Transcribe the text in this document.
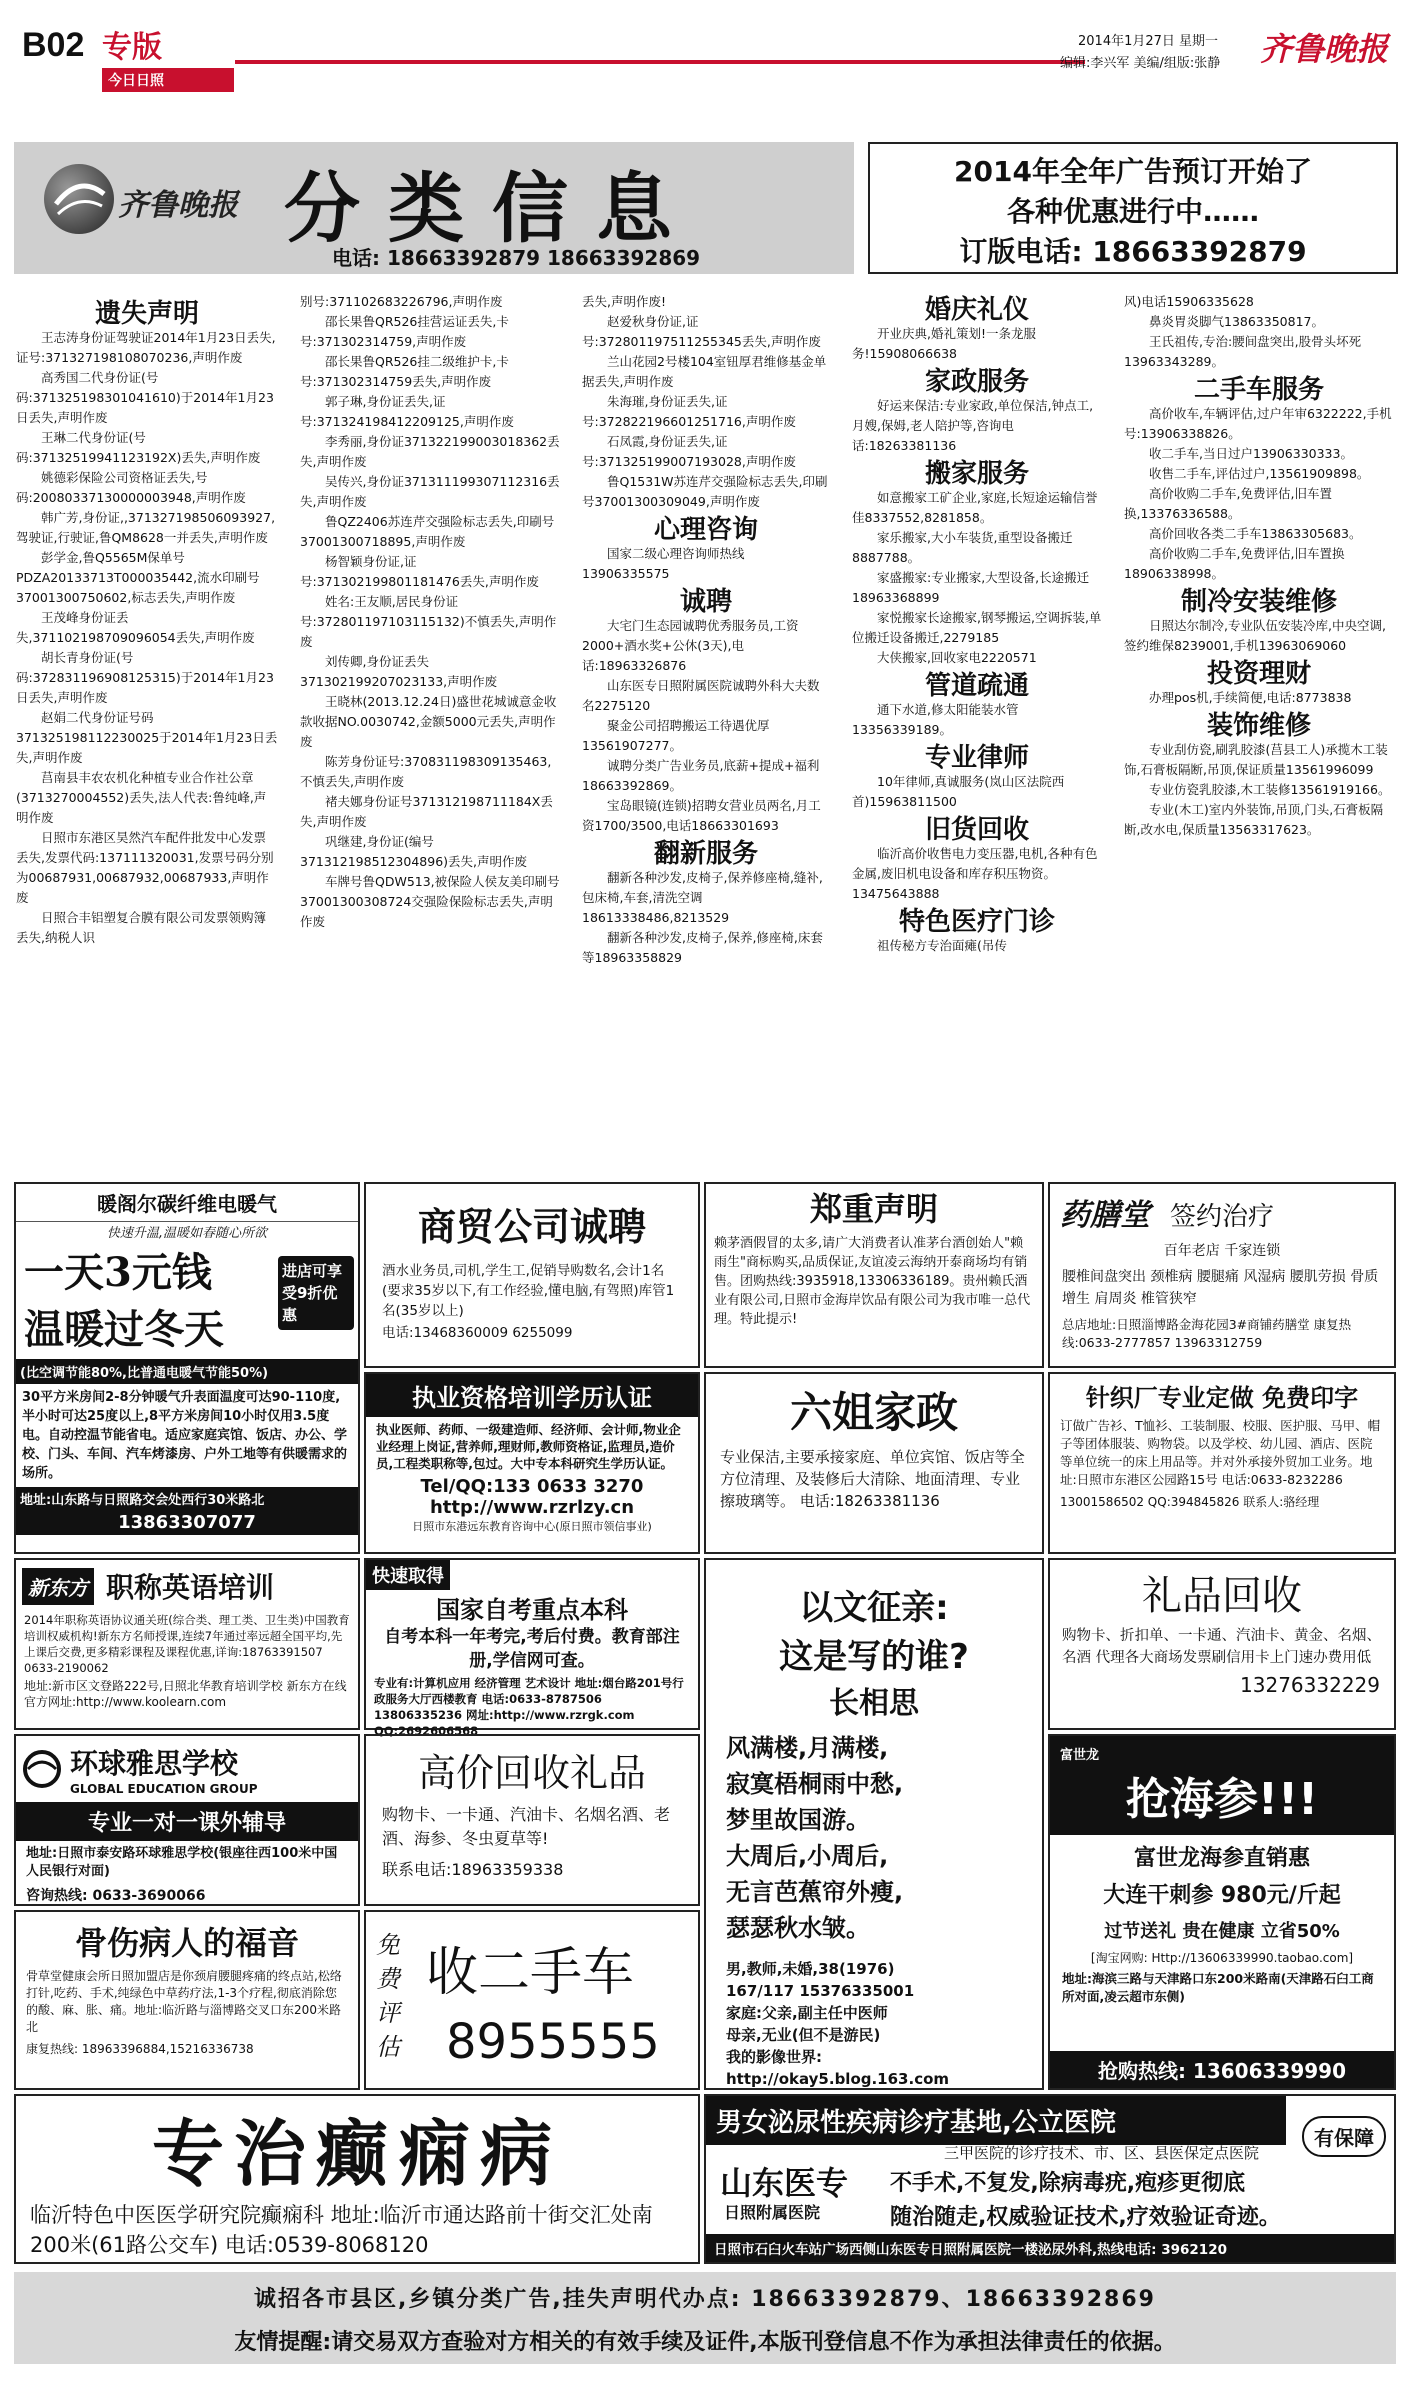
B02 专版
今日日照
2014年1月27日 星期一
编辑:李兴军 美编/组版:张静 齐鲁晚报
齐鲁晚报 分类信息
电话: 18663392879 18663392869
2014年全年广告预订开始了
各种优惠进行中……
订版电话: 18663392879
遗失声明

王志涛身份证驾驶证2014年1月23日丢失,证号:371327198108070236,声明作废

高秀国二代身份证(号码:371325198301041610)于2014年1月23日丢失,声明作废

王琳二代身份证(号码:37132519941123192X)丢失,声明作废

姚德彩保险公司资格证丢失,号码:20080337130000003948,声明作废

韩广芳,身份证,,371327198506093927,驾驶证,行驶证,鲁QM8628一并丢失,声明作废

彭学金,鲁Q5565M保单号PDZA20133713T000035442,流水印刷号37001300750602,标志丢失,声明作废

王茂峰身份证丢失,371102198709096054丢失,声明作废

胡长青身份证(号码:372831196908125315)于2014年1月23日丢失,声明作废

赵娟二代身份证号码371325198112230025于2014年1月23日丢失,声明作废

莒南县丰农农机化种植专业合作社公章(3713270004552)丢失,法人代表:鲁纯峰,声明作废

日照市东港区昊然汽车配件批发中心发票丢失,发票代码:137111320031,发票号码分别为00687931,00687932,00687933,声明作废

日照合丰铝塑复合膜有限公司发票领购簿丢失,纳税人识

别号:371102683226796,声明作废

邵长果鲁QR526挂营运证丢失,卡号:371302314759,声明作废

邵长果鲁QR526挂二级维护卡,卡号:371302314759丢失,声明作废

郭子琳,身份证丢失,证号:371324198412209125,声明作废

李秀丽,身份证371322199003018362丢失,声明作废

吴传兴,身份证371311199307112316丢失,声明作废

鲁QZ2406苏连芹交强险标志丢失,印刷号37001300718895,声明作废

杨智颖身份证,证号:371302199801181476丢失,声明作废

姓名:王友顺,居民身份证号:372801197103115132)不慎丢失,声明作废

刘传卿,身份证丢失371302199207023133,声明作废

王晓林(2013.12.24日)盛世花城诚意金收款收据NO.0030742,金额5000元丢失,声明作废

陈芳身份证号:370831198309135463,不慎丢失,声明作废

褚夫娜身份证号371312198711184X丢失,声明作废

巩继建,身份证(编号371312198512304896)丢失,声明作废

车牌号鲁QDW513,被保险人侯友美印刷号37001300308724交强险保险标志丢失,声明作废

丢失,声明作废!

赵爱秋身份证,证号:372801197511255345丢失,声明作废

兰山花园2号楼104室钮厚君维修基金单据丢失,声明作废

朱海璀,身份证丢失,证号:372822196601251716,声明作废

石凤霞,身份证丢失,证号:371325199007193028,声明作废

鲁Q1531W苏连芹交强险标志丢失,印刷号37001300309049,声明作废

心理咨询

国家二级心理咨询师热线13906335575

诚聘

大宅门生态园诚聘优秀服务员,工资2000+酒水奖+公休(3天),电话:18963326876

山东医专日照附属医院诚聘外科大夫数名2275120

聚金公司招聘搬运工待遇优厚13561907277。

诚聘分类广告业务员,底薪+提成+福利18663392869。

宝岛眼镜(连锁)招聘女营业员两名,月工资1700/3500,电话18663301693

翻新服务

翻新各种沙发,皮椅子,保养修座椅,缝补,包床椅,车套,清洗空调18613338486,8213529

翻新各种沙发,皮椅子,保养,修座椅,床套等18963358829

婚庆礼仪

开业庆典,婚礼策划!一条龙服务!15908066638

家政服务

好运来保洁:专业家政,单位保洁,钟点工,月嫂,保姆,老人陪护等,咨询电话:18263381136

搬家服务

如意搬家工矿企业,家庭,长短途运输信誉佳8337552,8281858。

家乐搬家,大小车装货,重型设备搬迁8887788。

家盛搬家:专业搬家,大型设备,长途搬迁18963368899

家悦搬家长途搬家,钢琴搬运,空调拆装,单位搬迁设备搬迁,2279185

大侠搬家,回收家电2220571

管道疏通

通下水道,修太阳能装水管13356339189。

专业律师

10年律师,真诚服务(岚山区法院西首)15963811500

旧货回收

临沂高价收售电力变压器,电机,各种有色金属,废旧机电设备和库存积压物资。13475643888

特色医疗门诊

祖传秘方专治面瘫(吊传

风)电话15906335628

鼻炎胃炎脚气13863350817。

王氏祖传,专治:腰间盘突出,股骨头坏死13963343289。

二手车服务

高价收车,车辆评估,过户年审6322222,手机号:13906338826。

收二手车,当日过户13906330333。

收售二手车,评估过户,13561909898。

高价收购二手车,免费评估,旧车置换,13376336588。

高价回收各类二手车13863305683。

高价收购二手车,免费评估,旧车置换18906338998。

制冷安装维修

日照达尔制冷,专业队伍安装冷库,中央空调,签约维保8239001,手机13963069060

投资理财

办理pos机,手续简便,电话:8773838

装饰维修

专业刮仿瓷,刷乳胶漆(莒县工人)承揽木工装饰,石膏板隔断,吊顶,保证质量13561996099

专业仿瓷乳胶漆,木工装修13561919166。

专业(木工)室内外装饰,吊顶,门头,石膏板隔断,改水电,保质量13563317623。

暖阁尔碳纤维电暖气
快速升温,温暖如春随心所欲
一天3元钱
温暖过冬天
进店可享受9折优惠
(比空调节能80%,比普通电暖气节能50%)
30平方米房间2-8分钟暖气升表面温度可达90-110度,半小时可达25度以上,8平方米房间10小时仅用3.5度电。自动控温节能省电。适应家庭宾馆、饭店、办公、学校、门头、车间、汽车烤漆房、户外工地等有供暖需求的场所。
地址:山东路与日照路交会处西行30米路北
13863307077
商贸公司诚聘
酒水业务员,司机,学生工,促销导购数名,会计1名(要求35岁以下,有工作经验,懂电脑,有驾照)库管1名(35岁以上)
电话:13468360009 6255099
郑重声明
赖茅酒假冒的太多,请广大消费者认准茅台酒创始人"赖雨生"商标购买,品质保证,友谊凌云海纳开泰商场均有销售。团购热线:3935918,13306336189。贵州赖氏酒业有限公司,日照市金海岸饮品有限公司为我市唯一总代理。特此提示!
药膳堂 签约治疗
百年老店 千家连锁
腰椎间盘突出 颈椎病 腰腿痛 风湿病 腰肌劳损 骨质增生 肩周炎 椎管狭窄
总店地址:日照淄博路金海花园3#商铺药膳堂 康复热线:0633-2777857 13963312759
执业资格培训学历认证
执业医师、药师、一级建造师、经济师、会计师,物业企业经理上岗证,营养师,理财师,教师资格证,监理员,造价员,工程类职称等,包过。大中专本科研究生学历认证。
Tel/QQ:133 0633 3270
http://www.rzrlzy.cn
日照市东港远东教育咨询中心(原日照市领信事业)
六姐家政
专业保洁,主要承接家庭、单位宾馆、饭店等全方位清理、及装修后大清除、地面清理、专业擦玻璃等。 电话:18263381136
针织厂专业定做 免费印字
订做广告衫、T恤衫、工装制服、校服、医护服、马甲、帽子等团体服装、购物袋。以及学校、幼儿园、酒店、医院等单位统一的床上用品等。并对外承接外贸加工业务。地址:日照市东港区公园路15号 电话:0633-8232286
13001586502 QQ:394845826 联系人:骆经理
新东方 职称英语培训
2014年职称英语协议通关班(综合类、理工类、卫生类)中国教育培训权威机构!新东方名师授课,连续7年通过率远超全国平均,先上课后交费,更多精彩课程及课程优惠,详询:18763391507 0633-2190062
地址:新市区文登路222号,日照北华教育培训学校 新东方在线官方网址:http://www.koolearn.com
快速取得
国家自考重点本科
自考本科一年考完,考后付费。教育部注册,学信网可查。
专业有:计算机应用 经济管理 艺术设计 地址:烟台路201号行政服务大厅西楼教育 电话:0633-8787506 13806335236 网址:http://www.rzrgk.com QQ:2692606568
以文征亲:
这是写的谁?
长相思
风满楼,月满楼,
寂寞梧桐雨中愁,
梦里故国游。
大周后,小周后,
无言芭蕉帘外瘦,
瑟瑟秋水皱。
男,教师,未婚,38(1976)
167/117 15376335001
家庭:父亲,副主任中医师
母亲,无业(但不是游民)
我的影像世界:
http://okay5.blog.163.com
礼品回收
购物卡、折扣单、一卡通、汽油卡、黄金、名烟、名酒 代理各大商场发票刷信用卡上门速办费用低
13276332229
环球雅思学校
GLOBAL EDUCATION GROUP
专业一对一课外辅导
地址:日照市泰安路环球雅思学校(银座往西100米中国人民银行对面)
咨询热线: 0633-3690066
高价回收礼品
购物卡、一卡通、汽油卡、名烟名酒、老酒、海参、冬虫夏草等!
联系电话:18963359338
富世龙
抢海参!!!
富世龙海参直销惠
大连干刺参 980元/斤起
过节送礼 贵在健康 立省50%
[淘宝网购: Http://13606339990.taobao.com]
地址:海滨三路与天津路口东200米路南(天津路石臼工商所对面,凌云超市东侧)
抢购热线: 13606339990
骨伤病人的福音
骨草堂健康会所日照加盟店是你颈肩腰腿疼痛的终点站,松络打针,吃药、手术,纯绿色中草药疗法,1-3个疗程,彻底消除您的酸、麻、胀、痛。地址:临沂路与淄博路交叉口东200米路北
康复热线: 18963396884,15216336738
免费评估
收二手车
8955555
专治癫痫病
临沂特色中医医学研究院癫痫科 地址:临沂市通达路前十街交汇处南200米(61路公交车) 电话:0539-8068120
男女泌尿性疾病诊疗基地,公立医院	有保障
山东医专
日照附属医院
三甲医院的诊疗技术、市、区、县医保定点医院
不手术,不复发,除病毒疣,疱疹更彻底
随治随走,权威验证技术,疗效验证奇迹。
日照市石臼火车站广场西侧山东医专日照附属医院一楼泌尿外科,热线电话: 3962120
诚招各市县区,乡镇分类广告,挂失声明代办点: 18663392879、18663392869
友情提醒:请交易双方查验对方相关的有效手续及证件,本版刊登信息不作为承担法律责任的依据。
